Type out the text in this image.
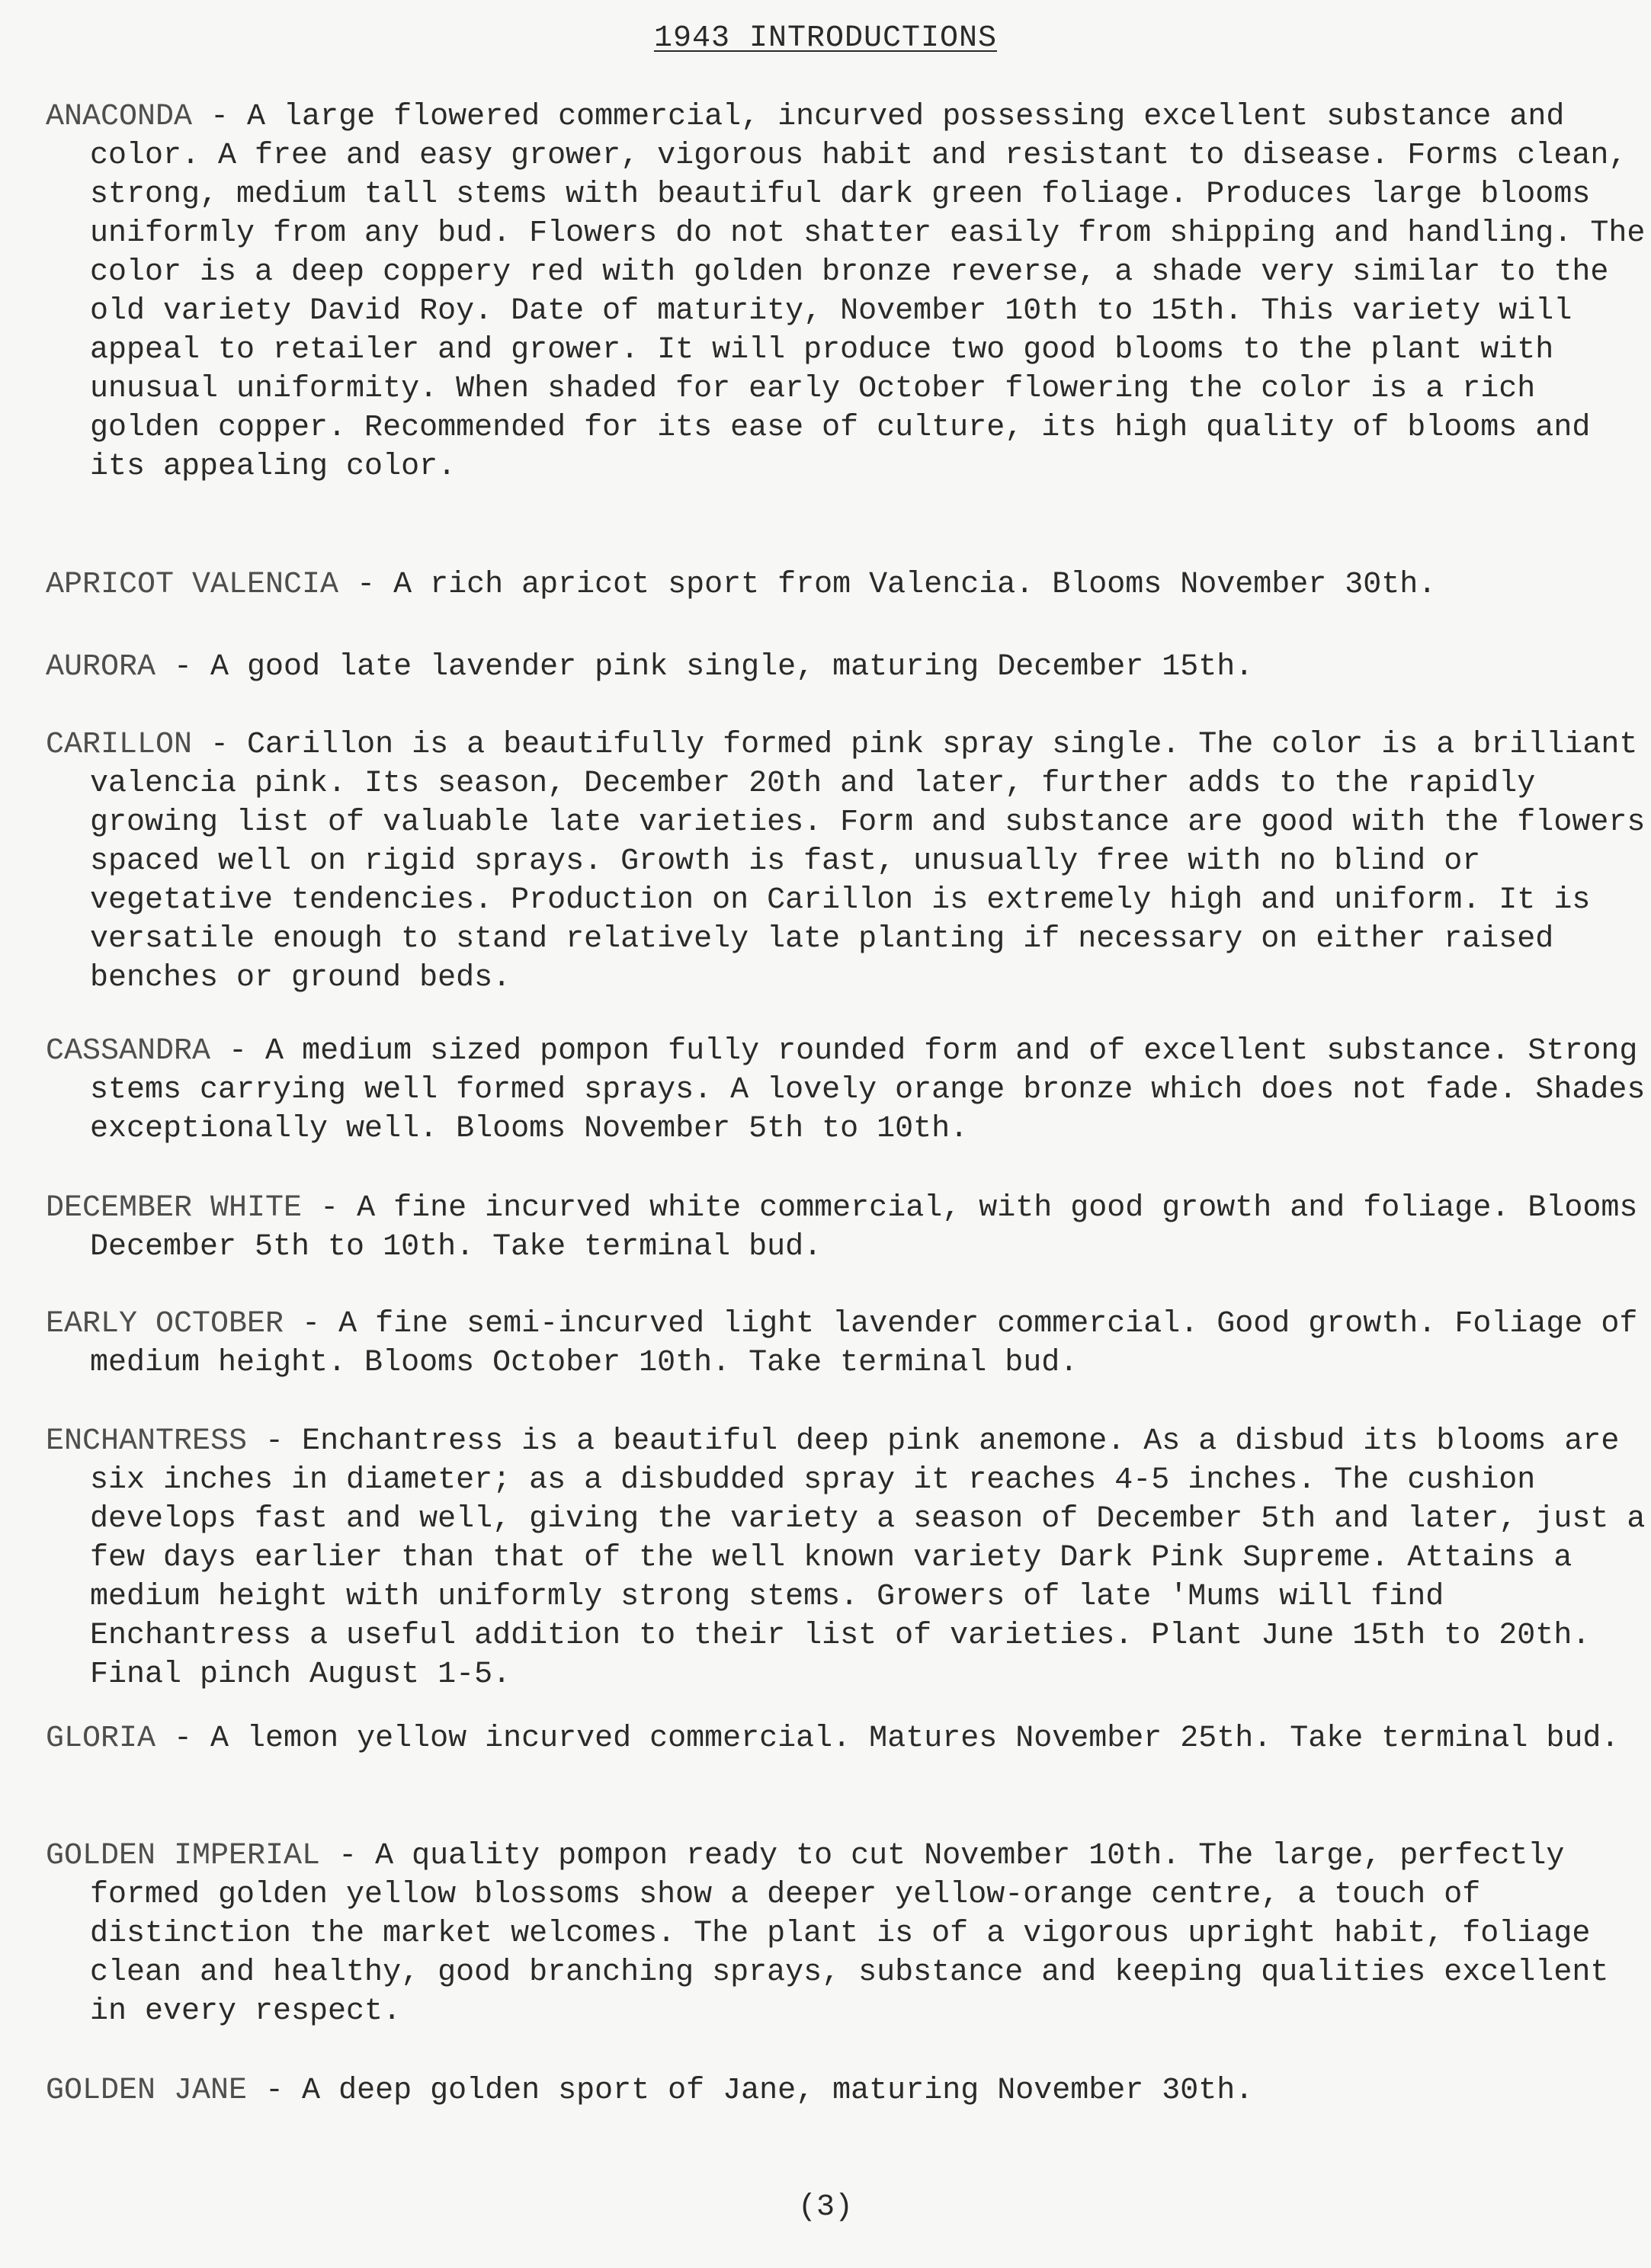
1943 INTRODUCTIONS

ANACONDA - A large flowered commercial, incurved possessing excellent substance and color. A free and easy grower, vigorous habit and resistant to disease. Forms clean, strong, medium tall stems with beautiful dark green foliage. Produces large blooms uniformly from any bud. Flowers do not shatter easily from shipping and handling. The color is a deep coppery red with golden bronze reverse, a shade very similar to the old variety David Roy. Date of maturity, November 10th to 15th. This variety will appeal to retailer and grower. It will produce two good blooms to the plant with unusual uniformity. When shaded for early October flowering the color is a rich golden copper. Recommended for its ease of culture, its high quality of blooms and its appealing color.

APRICOT VALENCIA - A rich apricot sport from Valencia. Blooms November 30th.

AURORA - A good late lavender pink single, maturing December 15th.

CARILLON - Carillon is a beautifully formed pink spray single. The color is a brilliant valencia pink. Its season, December 20th and later, further adds to the rapidly growing list of valuable late varieties. Form and substance are good with the flowers spaced well on rigid sprays. Growth is fast, unusually free with no blind or vegetative tendencies. Production on Carillon is extremely high and uniform. It is versatile enough to stand relatively late planting if necessary on either raised benches or ground beds.

CASSANDRA - A medium sized pompon fully rounded form and of excellent substance. Strong stems carrying well formed sprays. A lovely orange bronze which does not fade. Shades exceptionally well. Blooms November 5th to 10th.

DECEMBER WHITE - A fine incurved white commercial, with good growth and foliage. Blooms December 5th to 10th. Take terminal bud.

EARLY OCTOBER - A fine semi-incurved light lavender commercial. Good growth. Foliage of medium height. Blooms October 10th. Take terminal bud.

ENCHANTRESS - Enchantress is a beautiful deep pink anemone. As a disbud its blooms are six inches in diameter; as a disbudded spray it reaches 4-5 inches. The cushion develops fast and well, giving the variety a season of December 5th and later, just a few days earlier than that of the well known variety Dark Pink Supreme. Attains a medium height with uniformly strong stems. Growers of late 'Mums will find Enchantress a useful addition to their list of varieties. Plant June 15th to 20th. Final pinch August 1-5.

GLORIA - A lemon yellow incurved commercial. Matures November 25th. Take terminal bud.

GOLDEN IMPERIAL - A quality pompon ready to cut November 10th. The large, perfectly formed golden yellow blossoms show a deeper yellow-orange centre, a touch of distinction the market welcomes. The plant is of a vigorous upright habit, foliage clean and healthy, good branching sprays, substance and keeping qualities excellent in every respect.

GOLDEN JANE - A deep golden sport of Jane, maturing November 30th.

(3)
